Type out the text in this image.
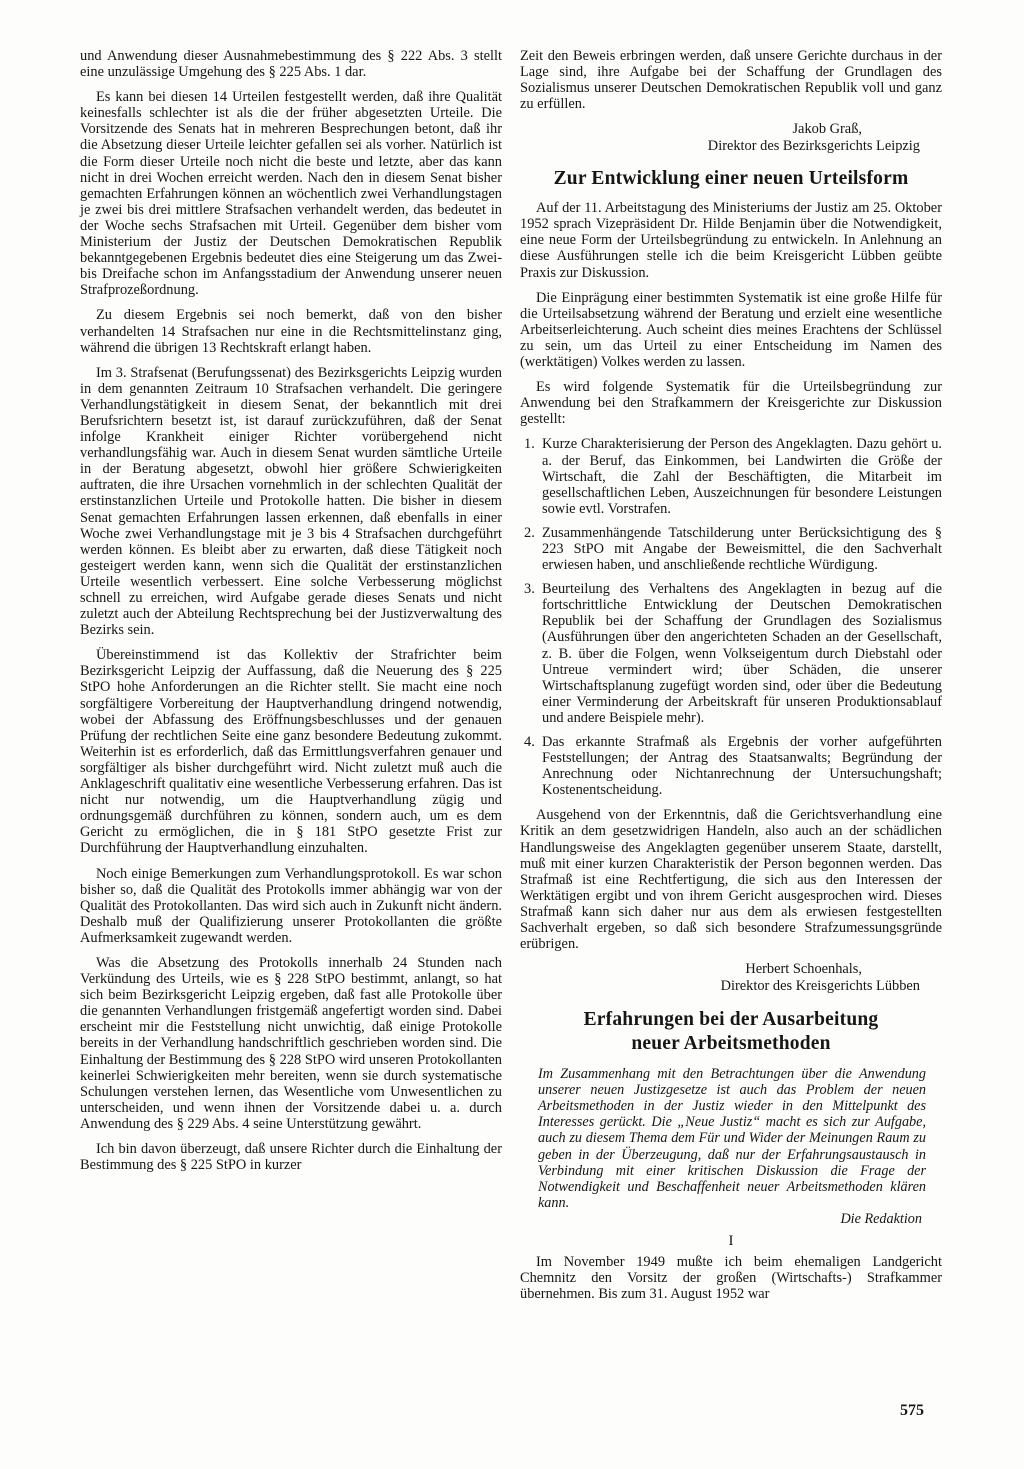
und Anwendung dieser Ausnahmebestimmung des § 222 Abs. 3 stellt eine unzulässige Umgehung des § 225 Abs. 1 dar.

Es kann bei diesen 14 Urteilen festgestellt werden, daß ihre Qualität keinesfalls schlechter ist als die der früher abgesetzten Urteile. Die Vorsitzende des Senats hat in mehreren Besprechungen betont, daß ihr die Absetzung dieser Urteile leichter gefallen sei als vorher. Natürlich ist die Form dieser Urteile noch nicht die beste und letzte, aber das kann nicht in drei Wochen erreicht werden. Nach den in diesem Senat bisher gemachten Erfahrungen können an wöchentlich zwei Verhandlungstagen je zwei bis drei mittlere Strafsachen verhandelt werden, das bedeutet in der Woche sechs Strafsachen mit Urteil. Gegenüber dem bisher vom Ministerium der Justiz der Deutschen Demokratischen Republik bekanntgegebenen Ergebnis bedeutet dies eine Steigerung um das Zwei- bis Dreifache schon im Anfangsstadium der Anwendung unserer neuen Strafprozeßordnung.

Zu diesem Ergebnis sei noch bemerkt, daß von den bisher verhandelten 14 Strafsachen nur eine in die Rechtsmittelinstanz ging, während die übrigen 13 Rechtskraft erlangt haben.

Im 3. Strafsenat (Berufungssenat) des Bezirksgerichts Leipzig wurden in dem genannten Zeitraum 10 Strafsachen verhandelt. Die geringere Verhandlungstätigkeit in diesem Senat, der bekanntlich mit drei Berufsrichtern besetzt ist, ist darauf zurückzuführen, daß der Senat infolge Krankheit einiger Richter vorübergehend nicht verhandlungsfähig war. Auch in diesem Senat wurden sämtliche Urteile in der Beratung abgesetzt, obwohl hier größere Schwierigkeiten auftraten, die ihre Ursachen vornehmlich in der schlechten Qualität der erstinstanzlichen Urteile und Protokolle hatten. Die bisher in diesem Senat gemachten Erfahrungen lassen erkennen, daß ebenfalls in einer Woche zwei Verhandlungstage mit je 3 bis 4 Strafsachen durchgeführt werden können. Es bleibt aber zu erwarten, daß diese Tätigkeit noch gesteigert werden kann, wenn sich die Qualität der erstinstanzlichen Urteile wesentlich verbessert. Eine solche Verbesserung möglichst schnell zu erreichen, wird Aufgabe gerade dieses Senats und nicht zuletzt auch der Abteilung Rechtsprechung bei der Justizverwaltung des Bezirks sein.

Übereinstimmend ist das Kollektiv der Strafrichter beim Bezirksgericht Leipzig der Auffassung, daß die Neuerung des § 225 StPO hohe Anforderungen an die Richter stellt. Sie macht eine noch sorgfältigere Vorbereitung der Hauptverhandlung dringend notwendig, wobei der Abfassung des Eröffnungsbeschlusses und der genauen Prüfung der rechtlichen Seite eine ganz besondere Bedeutung zukommt. Weiterhin ist es erforderlich, daß das Ermittlungsverfahren genauer und sorgfältiger als bisher durchgeführt wird. Nicht zuletzt muß auch die Anklageschrift qualitativ eine wesentliche Verbesserung erfahren. Das ist nicht nur notwendig, um die Hauptverhandlung zügig und ordnungsgemäß durchführen zu können, sondern auch, um es dem Gericht zu ermöglichen, die in § 181 StPO gesetzte Frist zur Durchführung der Hauptverhandlung einzuhalten.

Noch einige Bemerkungen zum Verhandlungsprotokoll. Es war schon bisher so, daß die Qualität des Protokolls immer abhängig war von der Qualität des Protokollanten. Das wird sich auch in Zukunft nicht ändern. Deshalb muß der Qualifizierung unserer Protokollanten die größte Aufmerksamkeit zugewandt werden.

Was die Absetzung des Protokolls innerhalb 24 Stunden nach Verkündung des Urteils, wie es § 228 StPO bestimmt, anlangt, so hat sich beim Bezirksgericht Leipzig ergeben, daß fast alle Protokolle über die genannten Verhandlungen fristgemäß angefertigt worden sind. Dabei erscheint mir die Feststellung nicht unwichtig, daß einige Protokolle bereits in der Verhandlung handschriftlich geschrieben worden sind. Die Einhaltung der Bestimmung des § 228 StPO wird unseren Protokollanten keinerlei Schwierigkeiten mehr bereiten, wenn sie durch systematische Schulungen verstehen lernen, das Wesentliche vom Unwesentlichen zu unterscheiden, und wenn ihnen der Vorsitzende dabei u. a. durch Anwendung des § 229 Abs. 4 seine Unterstützung gewährt.

Ich bin davon überzeugt, daß unsere Richter durch die Einhaltung der Bestimmung des § 225 StPO in kurzer

Zeit den Beweis erbringen werden, daß unsere Gerichte durchaus in der Lage sind, ihre Aufgabe bei der Schaffung der Grundlagen des Sozialismus unserer Deutschen Demokratischen Republik voll und ganz zu erfüllen.

Jakob Graß,
Direktor des Bezirksgerichts Leipzig
Zur Entwicklung einer neuen Urteilsform

Auf der 11. Arbeitstagung des Ministeriums der Justiz am 25. Oktober 1952 sprach Vizepräsident Dr. Hilde Benjamin über die Notwendigkeit, eine neue Form der Urteilsbegründung zu entwickeln. In Anlehnung an diese Ausführungen stelle ich die beim Kreisgericht Lübben geübte Praxis zur Diskussion.

Die Einprägung einer bestimmten Systematik ist eine große Hilfe für die Urteilsabsetzung während der Beratung und erzielt eine wesentliche Arbeitserleichterung. Auch scheint dies meines Erachtens der Schlüssel zu sein, um das Urteil zu einer Entscheidung im Namen des (werktätigen) Volkes werden zu lassen.

Es wird folgende Systematik für die Urteilsbegründung zur Anwendung bei den Strafkammern der Kreisgerichte zur Diskussion gestellt:

1. Kurze Charakterisierung der Person des Angeklagten. Dazu gehört u. a. der Beruf, das Einkommen, bei Landwirten die Größe der Wirtschaft, die Zahl der Beschäftigten, die Mitarbeit im gesellschaftlichen Leben, Auszeichnungen für besondere Leistungen sowie evtl. Vorstrafen.
2. Zusammenhängende Tatschilderung unter Berücksichtigung des § 223 StPO mit Angabe der Beweismittel, die den Sachverhalt erwiesen haben, und anschließende rechtliche Würdigung.
3. Beurteilung des Verhaltens des Angeklagten in bezug auf die fortschrittliche Entwicklung der Deutschen Demokratischen Republik bei der Schaffung der Grundlagen des Sozialismus (Ausführungen über den angerichteten Schaden an der Gesellschaft, z. B. über die Folgen, wenn Volkseigentum durch Diebstahl oder Untreue vermindert wird; über Schäden, die unserer Wirtschaftsplanung zugefügt worden sind, oder über die Bedeutung einer Verminderung der Arbeitskraft für unseren Produktionsablauf und andere Beispiele mehr).
4. Das erkannte Strafmaß als Ergebnis der vorher aufgeführten Feststellungen; der Antrag des Staatsanwalts; Begründung der Anrechnung oder Nichtanrechnung der Untersuchungshaft; Kostenentscheidung.

Ausgehend von der Erkenntnis, daß die Gerichtsverhandlung eine Kritik an dem gesetzwidrigen Handeln, also auch an der schädlichen Handlungsweise des Angeklagten gegenüber unserem Staate, darstellt, muß mit einer kurzen Charakteristik der Person begonnen werden. Das Strafmaß ist eine Rechtfertigung, die sich aus den Interessen der Werktätigen ergibt und von ihrem Gericht ausgesprochen wird. Dieses Strafmaß kann sich daher nur aus dem als erwiesen festgestellten Sachverhalt ergeben, so daß sich besondere Strafzumessungsgründe erübrigen.

Herbert Schoenhals,
Direktor des Kreisgerichts Lübben
Erfahrungen bei der Ausarbeitung
neuer Arbeitsmethoden

Im Zusammenhang mit den Betrachtungen über die Anwendung unserer neuen Justizgesetze ist auch das Problem der neuen Arbeitsmethoden in der Justiz wieder in den Mittelpunkt des Interesses gerückt. Die „Neue Justiz“ macht es sich zur Aufgabe, auch zu diesem Thema dem Für und Wider der Meinungen Raum zu geben in der Überzeugung, daß nur der Erfahrungsaustausch in Verbindung mit einer kritischen Diskussion die Frage der Notwendigkeit und Beschaffenheit neuer Arbeitsmethoden klären kann.

Die Redaktion

I

Im November 1949 mußte ich beim ehemaligen Landgericht Chemnitz den Vorsitz der großen (Wirtschafts-) Strafkammer übernehmen. Bis zum 31. August 1952 war

575
